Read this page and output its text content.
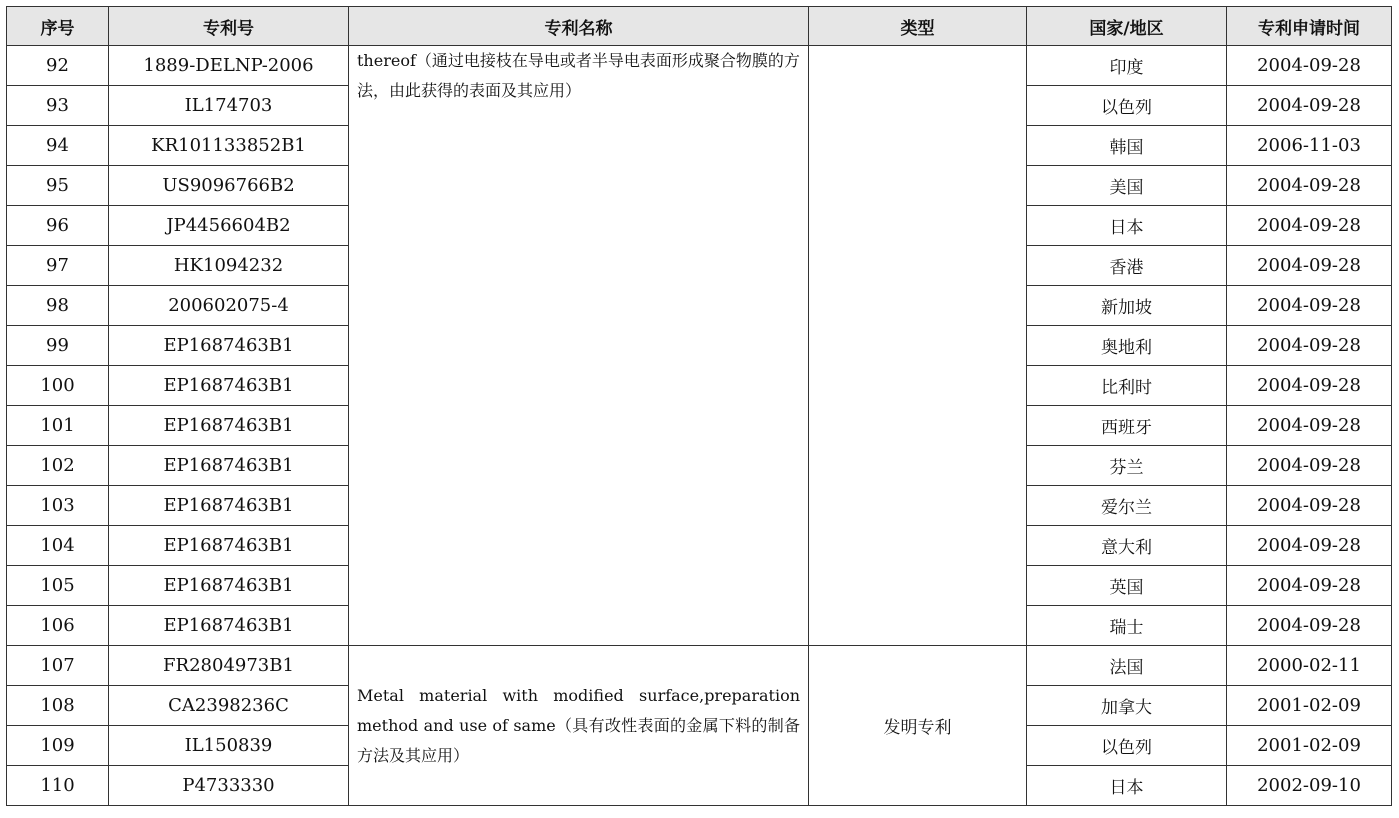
序号	专利号	专利名称	类型	国家/地区	专利申请时间
92	1889-DELNP-2006	thereof（通过电接枝在导电或者半导电表面形成聚合物膜的方法，由此获得的表面及其应用）		印度	2004-09-28
93	IL174703			以色列	2004-09-28
94	KR101133852B1			韩国	2006-11-03
95	US9096766B2			美国	2004-09-28
96	JP4456604B2			日本	2004-09-28
97	HK1094232			香港	2004-09-28
98	200602075-4			新加坡	2004-09-28
99	EP1687463B1			奥地利	2004-09-28
100	EP1687463B1			比利时	2004-09-28
101	EP1687463B1			西班牙	2004-09-28
102	EP1687463B1			芬兰	2004-09-28
103	EP1687463B1			爱尔兰	2004-09-28
104	EP1687463B1			意大利	2004-09-28
105	EP1687463B1			英国	2004-09-28
106	EP1687463B1			瑞士	2004-09-28
107	FR2804973B1	Metal material with modified surface,preparation method and use of same（具有改性表面的金属下料的制备方法及其应用）	发明专利	法国	2000-02-11
108	CA2398236C			加拿大	2001-02-09
109	IL150839			以色列	2001-02-09
110	P4733330			日本	2002-09-10
